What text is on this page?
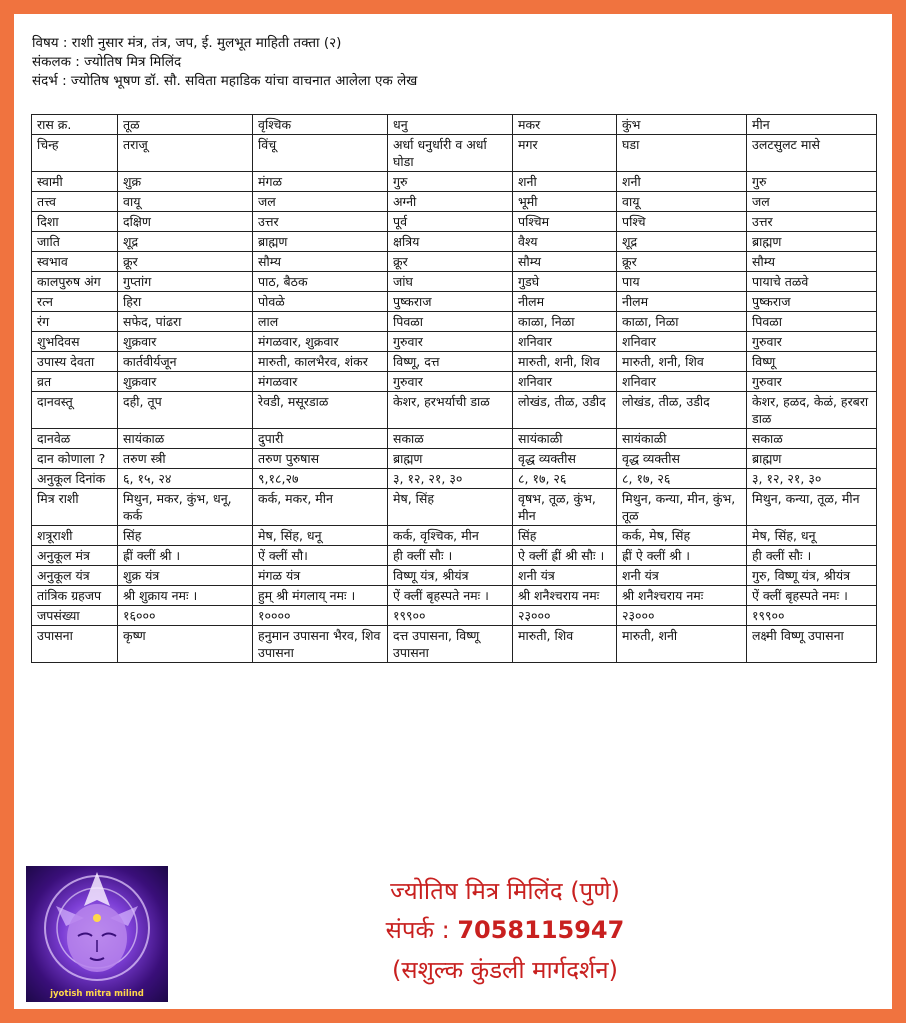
विषय : राशी नुसार मंत्र, तंत्र, जप, ई. मुलभूत माहिती तक्ता (२)
संकलक : ज्योतिष मित्र मिलिंद
संदर्भ : ज्योतिष भूषण डॉ. सौ. सविता महाडिक यांचा वाचनात आलेला एक लेख
रास क्र.	तूळ	वृश्चिक	धनु	मकर	कुंभ	मीन
चिन्ह	तराजू	विंचू	अर्धा धनुर्धारी व अर्धा घोडा	मगर	घडा	उलटसुलट मासे
स्वामी	शुक्र	मंगळ	गुरु	शनी	शनी	गुरु
तत्त्व	वायू	जल	अग्नी	भूमी	वायू	जल
दिशा	दक्षिण	उत्तर	पूर्व	पश्चिम	पश्चि	उत्तर
जाति	शूद्र	ब्राह्मण	क्षत्रिय	वैश्य	शूद्र	ब्राह्मण
स्वभाव	क्रूर	सौम्य	क्रूर	सौम्य	क्रूर	सौम्य
कालपुरुष अंग	गुप्तांग	पाठ, बैठक	जांघ	गुडघे	पाय	पायाचे तळवे
रत्न	हिरा	पोवळे	पुष्कराज	नीलम	नीलम	पुष्कराज
रंग	सफेद, पांढरा	लाल	पिवळा	काळा, निळा	काळा, निळा	पिवळा
शुभदिवस	शुक्रवार	मंगळवार, शुक्रवार	गुरुवार	शनिवार	शनिवार	गुरुवार
उपास्य देवता	कार्तवीर्यजून	मारुती, कालभैरव, शंकर	विष्णू, दत्त	मारुती, शनी, शिव	मारुती, शनी, शिव	विष्णू
व्रत	शुक्रवार	मंगळवार	गुरुवार	शनिवार	शनिवार	गुरुवार
दानवस्तू	दही, तूप	रेवडी, मसूरडाळ	केशर, हरभर्याची डाळ	लोखंड, तीळ, उडीद	लोखंड, तीळ, उडीद	केशर, हळद, केळं, हरबरा डाळ
दानवेळ	सायंकाळ	दुपारी	सकाळ	सायंकाळी	सायंकाळी	सकाळ
दान कोणाला ?	तरुण स्त्री	तरुण पुरुषास	ब्राह्मण	वृद्ध व्यक्तीस	वृद्ध व्यक्तीस	ब्राह्मण
अनुकूल दिनांक	६, १५, २४	९,१८,२७	३, १२, २१, ३०	८, १७, २६	८, १७, २६	३, १२, २१, ३०
मित्र राशी	मिथुन, मकर, कुंभ, धनू, कर्क	कर्क, मकर, मीन	मेष, सिंह	वृषभ, तूळ, कुंभ, मीन	मिथुन, कन्या, मीन, कुंभ, तूळ	मिथुन, कन्या, तूळ, मीन
शत्रूराशी	सिंह	मेष, सिंह, धनू	कर्क, वृश्चिक, मीन	सिंह	कर्क, मेष, सिंह	मेष, सिंह, धनू
अनुकूल मंत्र	ह्रीं क्लीं श्री ।	ऐं क्लीं सौ।	ही क्लीं सौः ।	ऐ क्लीं ह्रीं श्री सौः ।	ह्रीं ऐ क्लीं श्री ।	ही क्लीं सौः ।
अनुकूल यंत्र	शुक्र यंत्र	मंगळ यंत्र	विष्णू यंत्र, श्रीयंत्र	शनी यंत्र	शनी यंत्र	गुरु, विष्णू यंत्र, श्रीयंत्र
तांत्रिक ग्रहजप	श्री शुक्राय नमः ।	हुम् श्री मंगलाय् नमः ।	ऐं क्लीं बृहस्पते नमः ।	श्री शनैश्चराय नमः	श्री शनैश्चराय नमः	ऐं क्लीं बृहस्पते नमः ।
जपसंख्या	१६०००	१००००	१९९००	२३०००	२३०००	१९९००
उपासना	कृष्ण	हनुमान उपासना भैरव, शिव उपासना	दत्त उपासना, विष्णू उपासना	मारुती, शिव	मारुती, शनी	लक्ष्मी विष्णू उपासना
jyotish mitra milind
ज्योतिष मित्र मिलिंद (पुणे)
संपर्क : 7058115947
(सशुल्क कुंडली मार्गदर्शन)
